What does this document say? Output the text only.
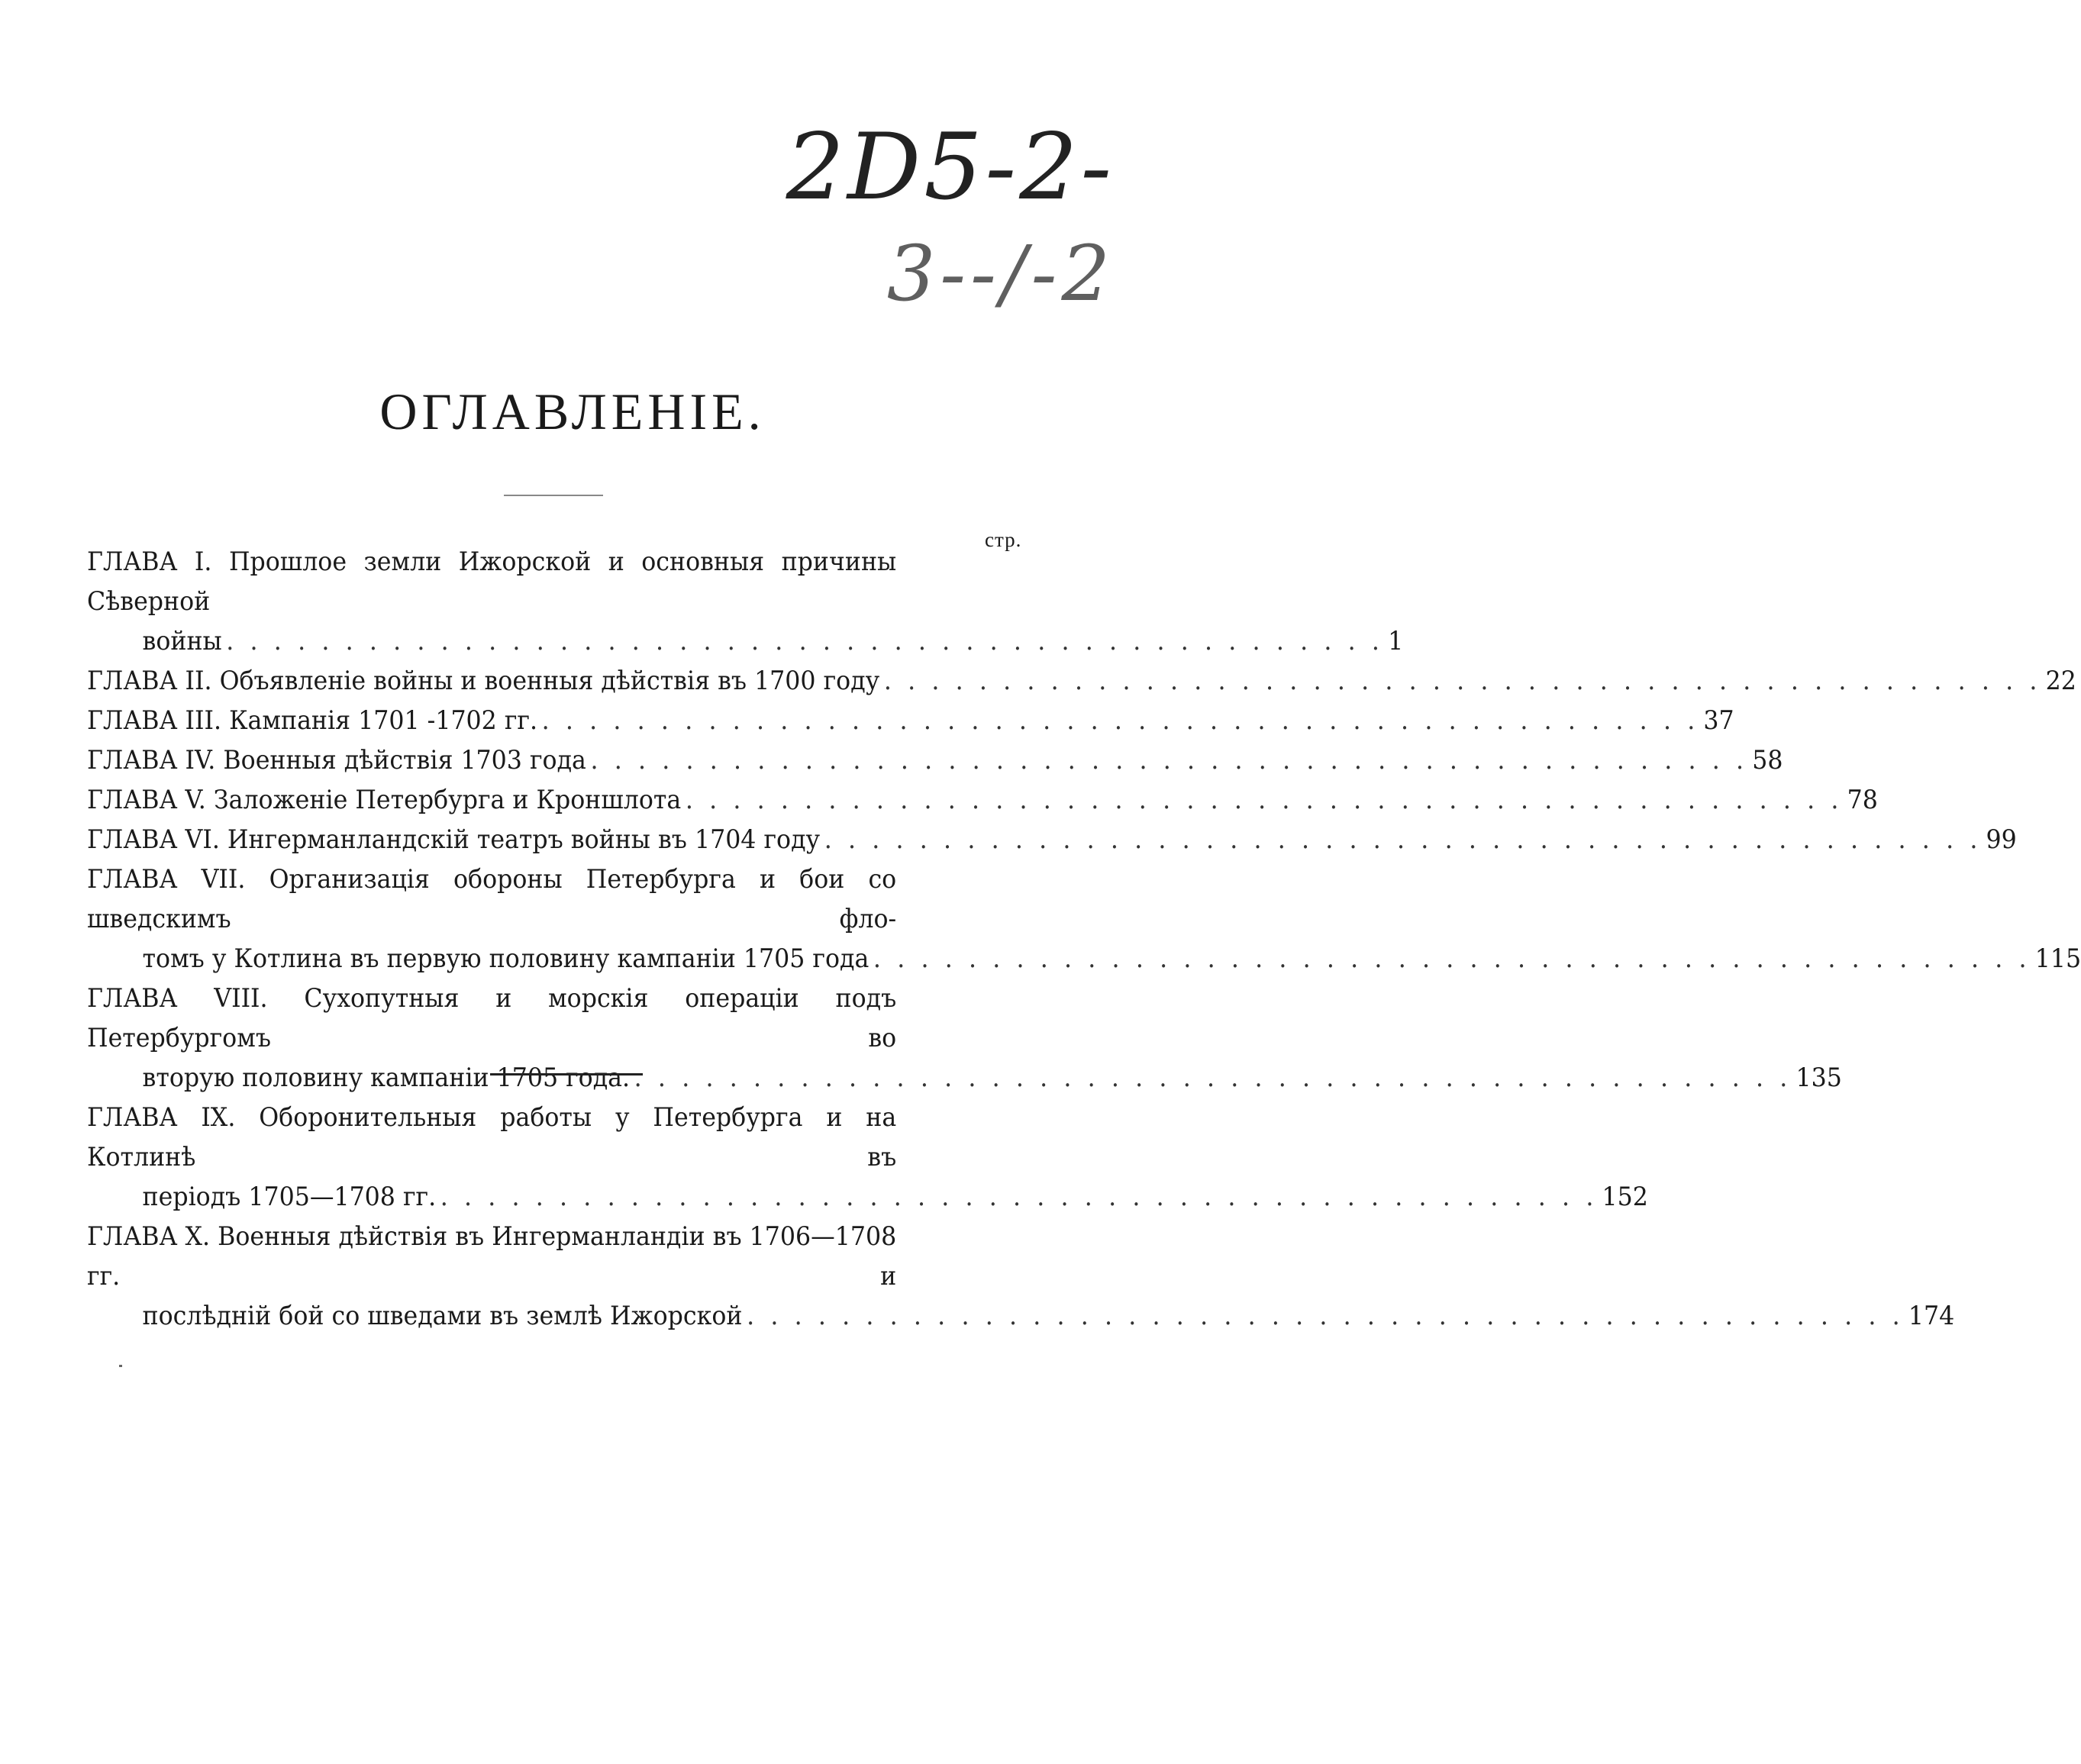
2D5-2-
3--/-2
ОГЛАВЛЕНІЕ.
стр.
ГЛАВА I. Прошлое земли Ижорской и основныя причины Сѣверной
войны . . . . . . . . . . . . . . . . . . . . . . . . . . . . . . . . . . . . . . . . . . . . . . . . . 1
ГЛАВА II. Объявленіе войны и военныя дѣйствія въ 1700 году . . . . . . . . . . . . . . . . . . . . . . . . . . . . . . . . . . . . . . . . . . . . . . . . . 22
ГЛАВА III. Кампанія 1701 -1702 гг. . . . . . . . . . . . . . . . . . . . . . . . . . . . . . . . . . . . . . . . . . . . . . . . . . 37
ГЛАВА IV. Военныя дѣйствія 1703 года . . . . . . . . . . . . . . . . . . . . . . . . . . . . . . . . . . . . . . . . . . . . . . . . . 58
ГЛАВА V. Заложеніе Петербурга и Кроншлота . . . . . . . . . . . . . . . . . . . . . . . . . . . . . . . . . . . . . . . . . . . . . . . . . 78
ГЛАВА VI. Ингерманландскій театръ войны въ 1704 году . . . . . . . . . . . . . . . . . . . . . . . . . . . . . . . . . . . . . . . . . . . . . . . . . 99
ГЛАВА VII. Организація обороны Петербурга и бои со шведскимъ фло-
томъ у Котлина въ первую половину кампаніи 1705 года . . . . . . . . . . . . . . . . . . . . . . . . . . . . . . . . . . . . . . . . . . . . . . . . . 115
ГЛАВА VIII. Сухопутныя и морскія операціи подъ Петербургомъ во
вторую половину кампаніи 1705 года. . . . . . . . . . . . . . . . . . . . . . . . . . . . . . . . . . . . . . . . . . . . . . . . . . 135
ГЛАВА IX. Оборонительныя работы у Петербурга и на Котлинѣ въ
періодъ 1705—1708 гг. . . . . . . . . . . . . . . . . . . . . . . . . . . . . . . . . . . . . . . . . . . . . . . . . . 152
ГЛАВА X. Военныя дѣйствія въ Ингерманландіи въ 1706—1708 гг. и
послѣдній бой со шведами въ землѣ Ижорской . . . . . . . . . . . . . . . . . . . . . . . . . . . . . . . . . . . . . . . . . . . . . . . . . 174
